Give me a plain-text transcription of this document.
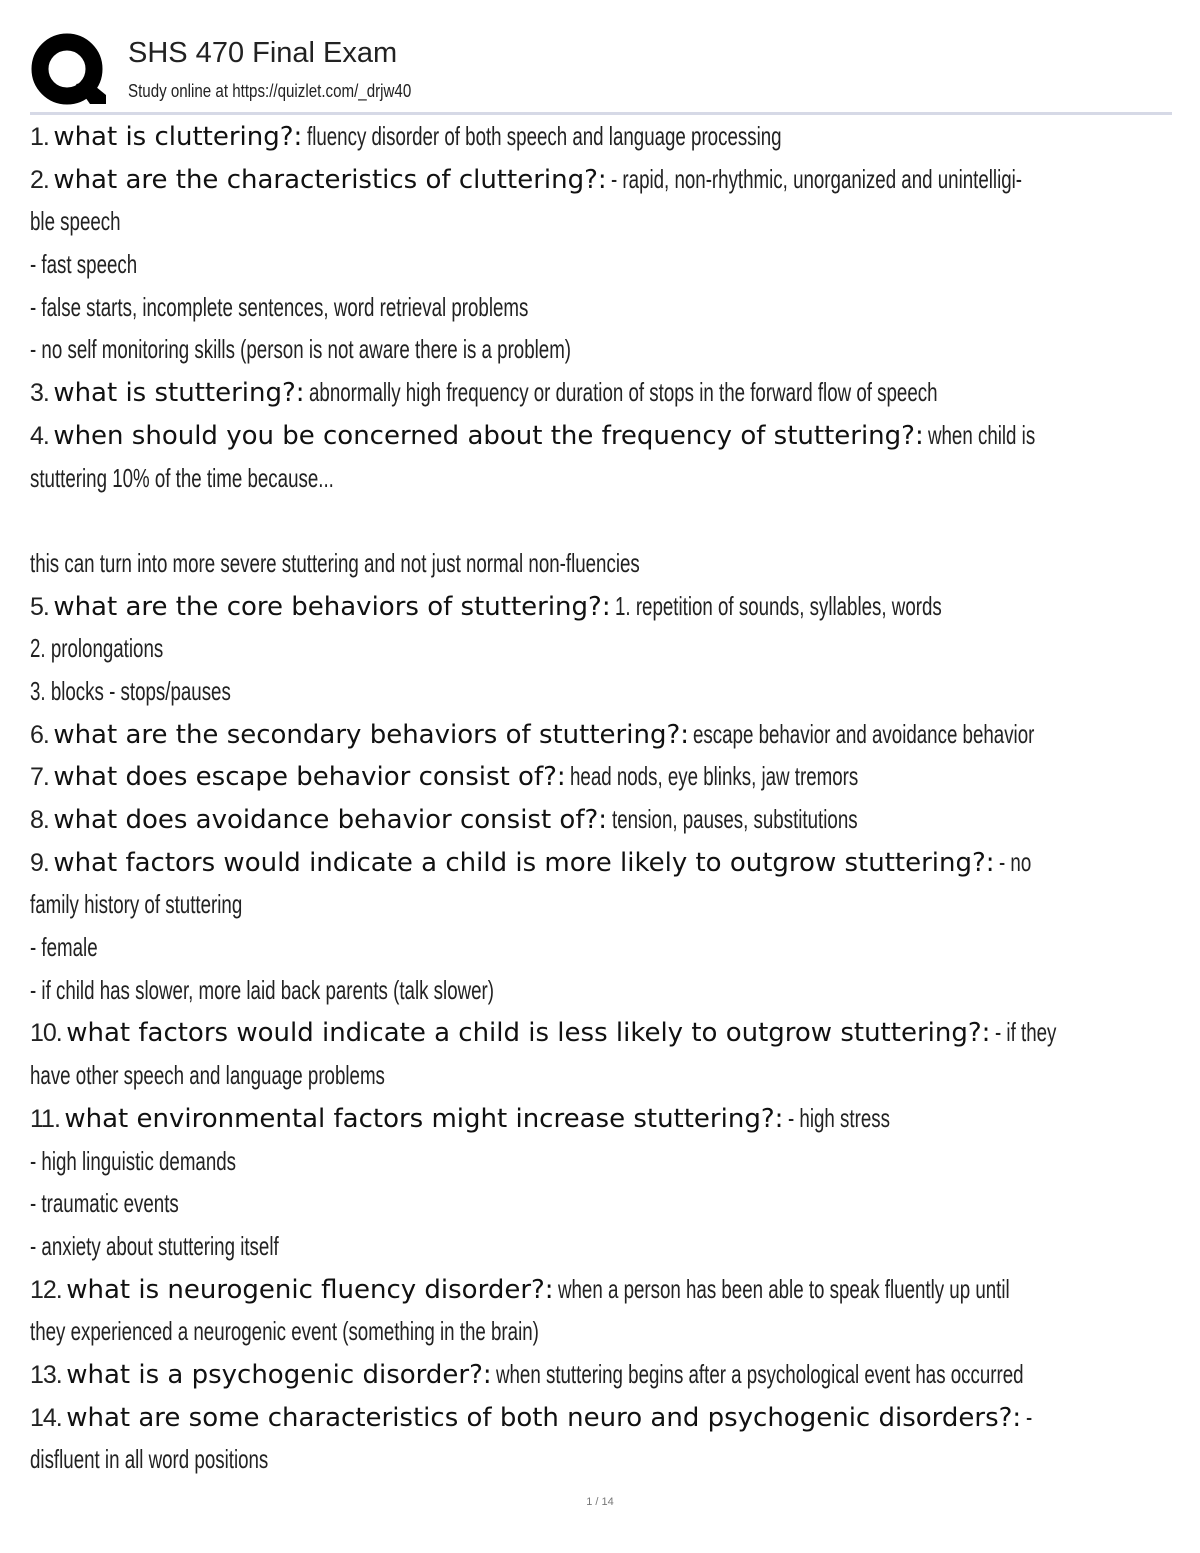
SHS 470 Final Exam
Study online at https://quizlet.com/_drjw40
1. what is cluttering?: fluency disorder of both speech and language processing
2. what are the characteristics of cluttering?: - rapid, non-rhythmic, unorganized and unintelligi-
ble speech
- fast speech
- false starts, incomplete sentences, word retrieval problems
- no self monitoring skills (person is not aware there is a problem)
3. what is stuttering?: abnormally high frequency or duration of stops in the forward flow of speech
4. when should you be concerned about the frequency of stuttering?: when child is
stuttering 10% of the time because...
this can turn into more severe stuttering and not just normal non-fluencies
5. what are the core behaviors of stuttering?: 1. repetition of sounds, syllables, words
2. prolongations
3. blocks - stops/pauses
6. what are the secondary behaviors of stuttering?: escape behavior and avoidance behavior
7. what does escape behavior consist of?: head nods, eye blinks, jaw tremors
8. what does avoidance behavior consist of?: tension, pauses, substitutions
9. what factors would indicate a child is more likely to outgrow stuttering?: - no
family history of stuttering
- female
- if child has slower, more laid back parents (talk slower)
10. what factors would indicate a child is less likely to outgrow stuttering?: - if they
have other speech and language problems
11. what environmental factors might increase stuttering?: - high stress
- high linguistic demands
- traumatic events
- anxiety about stuttering itself
12. what is neurogenic fluency disorder?: when a person has been able to speak fluently up until
they experienced a neurogenic event (something in the brain)
13. what is a psychogenic disorder?: when stuttering begins after a psychological event has occurred
14. what are some characteristics of both neuro and psychogenic disorders?: -
disfluent in all word positions
1 / 14
